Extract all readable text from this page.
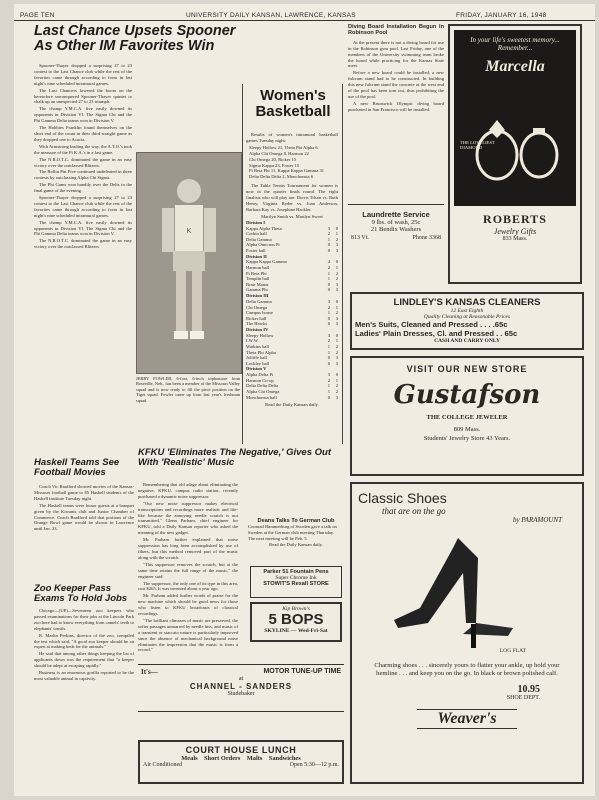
PAGE TEN	UNIVERSITY DAILY KANSAN, LAWRENCE, KANSAS	FRIDAY, JANUARY 16, 1948
Last Chance Upsets Spooner As Other IM Favorites Win

Spooner-Thayer dropped a surprising 27 to 23 contest to the Last Chance club while the rest of the favorites came through according to form in last night's nine scheduled intramural games.

The Last Chancers lowered the boom on the heretofore unconquered Spooner-Thayer quintet to chalk up an unexpected 27 to 23 triumph.

The champ Y.M.C.A. five easily downed its opponents in Division VI. The Sigma Chi and the Phi Gamma Delta teams won in Division V.

The Hobbies Franklin found themselves on the short end of the count in their third straight game as they dropped one to Acacia.

With Armstrong leading the way, the A.T.O.'s took the measure of the Pi K.A.'s in a fast game.

The N.R.O.T.C. dominated the game in an easy victory over the outclassed Blitzers.

The Rollin Pin Five continued undefeated in three contests by outclassing Alpha Chi Sigma.

The Phi Gams won handily over the Delts in the final game of the evening.

Spooner-Thayer dropped a surprising 27 to 23 contest to the Last Chance club while the rest of the favorites came through according to form in last night's nine scheduled intramural games.

The champ Y.M.C.A. five easily downed its opponents in Division VI. The Sigma Chi and the Phi Gamma Delta teams won in Division V.

The N.R.O.T.C. dominated the game in an easy victory over the outclassed Blitzers.

K
JERRY FOWLER, 6-foot, 6-inch sophomore from Roseville, Neb., has been a member of the Missouri Valley squad and is now ready to fill the pivot position on the Tiger squad. Fowler came up from last year's freshman squad.
Haskell Teams See Football Movies

Coach Vic Bradford showed movies of the Kansas-Missouri football game to 85 Haskell students of the Haskell institute Tuesday night.

The Haskell teams were honor guests at a banquet given by the Kiwanis club and Junior Chamber of Commerce. Coach Bradford told that portions of the Orange Bowl game would be shown in Lawrence until Jan. 23.

Zoo Keeper Pass Exams To Hold Jobs

Chicago—(UP)—Seventeen zoo keepers who passed examinations for their jobs at the Lincoln Park zoo here had to know everything from camels' teeth to elephants' tonsils.

R. Marlin Perkins, director of the zoo, compiled the test which said, "A good zoo keeper should be an expert at making beds for the animals."

He said that among other things keeping the list of applicants down was the requirement that "a keeper should be adept at escaping rapidly."

Business is an enormous gorilla reported to be the most valuable animal in captivity.

KFKU 'Eliminates The Negative,' Gives Out With 'Realistic' Music

Remembering that old adage about eliminating the negative, KFKU, campus radio station, recently purchased a dynamic noise suppressor.

"Our new noise suppressor makes electrical transcriptions and recordings more realistic and life-like because the annoying needle scratch is not transmitted," Glenn Parham, chief engineer for KFKU, told a Daily Kansan reporter who asked the meaning of the new gadget.

Mr. Parham further explained that noise suppression has long been accomplished by use of filters, but this method removed part of the music along with the scratch.

"This suppressor removes the scratch, but at the same time retains the full range of the music," the engineer said.

The suppressor, the only one of its type in this area, cost $265. It was invented about a year ago.

Mr. Parham added further words of praise for the new machine which should be good news for those who listen to KFKU broadcasts of classical recordings.

"The brilliant climaxes of music are preserved, the softer passages unmarred by needle hiss, and music of a transient or staccato nature is particularly improved since the absence of mechanical background noise eliminates the impression that the music is from a record."

Women's Basketball

Results of women's intramural basketball games Tuesday night:

Sleepy Hollow 21, Theta Phi Alpha 6
Alpha Chi Omega 8, Harmon 22
Chi Omega 20, Ricker 15
Sigma Kappa 23, Foster 15
Pi Beta Phi 11, Kappa Kappa Gamma 31
Delta Delta Delta 2, Monchonsia 6

The Table Tennis Tournament for women is now in the quarter finals round. The eight finalists who will play are: Dorris Tilson vs. Ruth Henry, Virginia Ryder vs. Joan Anderson, Barbara Kay vs. Josephine Hackler.

Marilyn Smith vs. Marilyn Sweet
Division I
Kappa Alpha Theta	3	0
Corbin hall	2	1
Delta Gamma	1	2
Alpha Omicron Pi	0	3
Foster hall	0	3
Division II
Kappa Kappa Gamma	4	0
Harmon hall	2	1
Pi Beta Phi	1	2
Templin hall	1	2
Brair Manor	0	3
Gamma Phi	0	3
Division III
Delta Gamma	3	0
Chi Omega	2	1
Campus house	1	2
Ricker hall	0	3
The Hawks	0	3
Division IV
Sleepy Hollow	3	0
I.W.W.	2	1
Watkins hall	1	2
Theta Phi Alpha	1	2
Jolliffe hall	0	3
Lockley hall	0	3
Division V
Alpha Delta Pi	3	0
Harmon Co-op	2	1
Delta Delta Delta	1	2
Alpha Chi Omega	1	2
Monchonsia hall	0	3
Read the Daily Kansan daily.
Diving Board Installation Begun In Robinson Pool

At the present there is not a diving board for use in the Robinson gym pool. Last Friday, one of the members of the University swimming team broke the board while practicing for the Kansas State meet.

Before a new board could be installed, a new fulcrum stand had to be constructed. In building this new fulcrum stand the concrete at the west end of the pool has been torn out, thus prohibiting the use of the pool.

A new Brunswick Olympic diving board purchased in San Francisco will be installed.

In your life's sweetest memory... Remember...
Marcella
THE LOVELIEST DIAMOND
ROBERTS
Jewelry Gifts
833 Mass.
Laundrette Service
9 lbs. of wash, 25c
21 Bendix Washers
813 Vt.	Phone 3368
LINDLEY'S KANSAS CLEANERS
12 East Eighth
Quality Cleaning at Reasonable Prices
Men's Suits, Cleaned and Pressed . . . .65c
Ladies' Plain Dresses, Cl. and Pressed . . 65c
CASH AND CARRY ONLY
VISIT OUR NEW STORE
Gustafson
THE COLLEGE JEWELER
809 Mass.
Students' Jewelry Store 43 Years.
Deans Talks To German Club
Coonrad Hammerburg of Sweden gave a talk on Sweden at the German club meeting Thursday.
The next meeting will be Feb. 5.
Read the Daily Kansan daily.
Parker 51 Fountain Pens
Super Chrome Ink
STOWIT'S Rexall STORE
Kip Brown's
5 BOPS
SKYLINE — Wed-Fri-Sat
Classic Shoes
that are on the go
by PARAMOUNT
LOG FLAT
Charming shoes . . . sincerely yours to flatter your ankle, up hold your hemline . . . and keep you on the go. In black or brown polished calf.
10.95
SHOE DEPT.
Weaver's
It's—	MOTOR TUNE-UP TIME
at
CHANNEL - SANDERS
Studebaker
COURT HOUSE LUNCH
Meals    Short Orders    Malts    Sandwiches
Air Conditioned	Open 5:30—12 p.m.
